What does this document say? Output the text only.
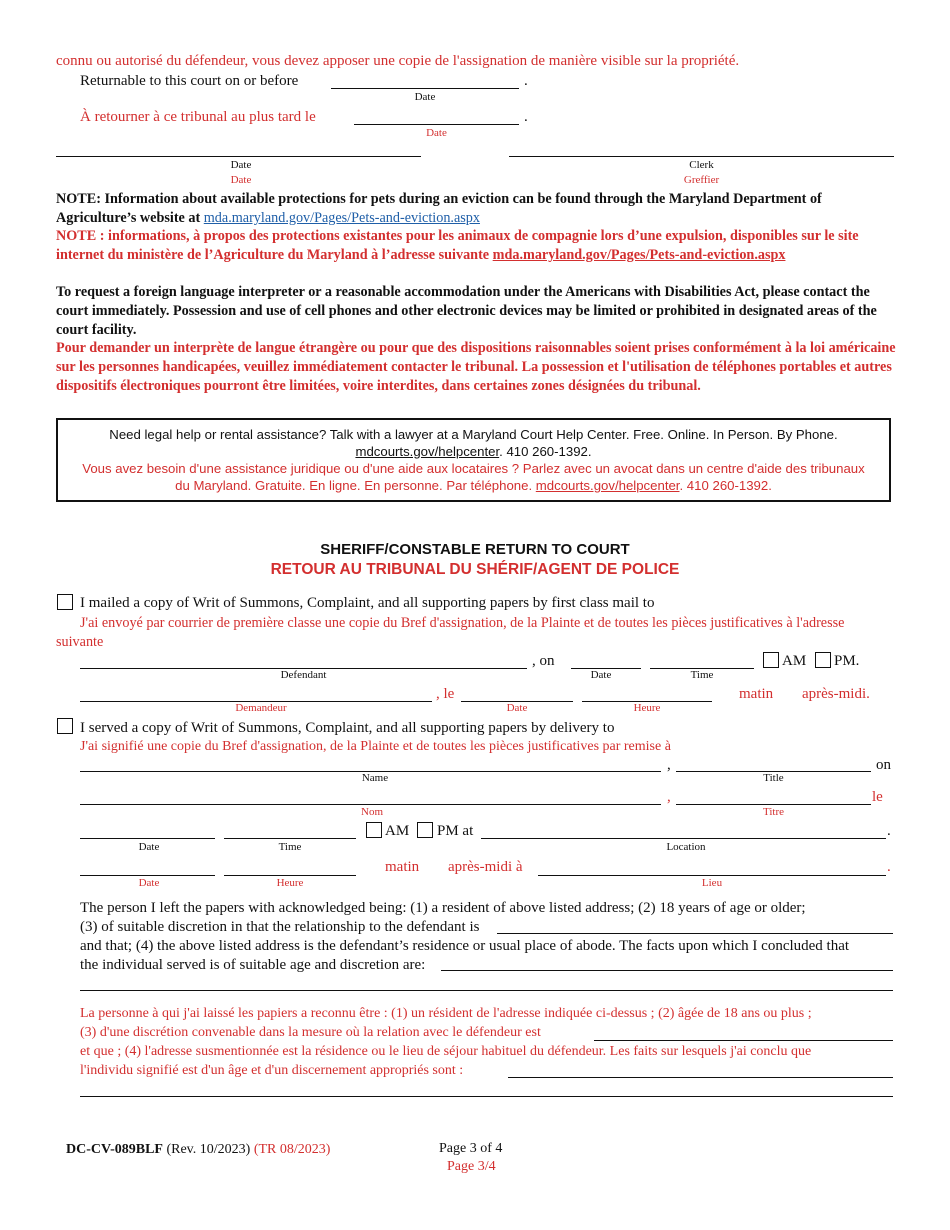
connu ou autorisé du défendeur, vous devez apposer une copie de l'assignation de manière visible sur la propriété.
Returnable to this court on or before	.
Date
À retourner à ce tribunal au plus tard le	.
Date
Date
Date
Clerk
Greffier
NOTE: Information about available protections for pets during an eviction can be found through the Maryland Department of Agriculture’s website at mda.maryland.gov/Pages/Pets-and-eviction.aspx
NOTE : informations, à propos des protections existantes pour les animaux de compagnie lors d’une expulsion, disponibles sur le site internet du ministère de l’Agriculture du Maryland à l’adresse suivante mda.maryland.gov/Pages/Pets-and-eviction.aspx
To request a foreign language interpreter or a reasonable accommodation under the Americans with Disabilities Act, please contact the court immediately. Possession and use of cell phones and other electronic devices may be limited or prohibited in designated areas of the court facility.
Pour demander un interprète de langue étrangère ou pour que des dispositions raisonnables soient prises conformément à la loi américaine sur les personnes handicapées, veuillez immédiatement contacter le tribunal. La possession et l'utilisation de téléphones portables et autres dispositifs électroniques pourront être limitées, voire interdites, dans certaines zones désignées du tribunal.
Need legal help or rental assistance? Talk with a lawyer at a Maryland Court Help Center. Free. Online. In Person. By Phone.
mdcourts.gov/helpcenter. 410 260-1392.
Vous avez besoin d'une assistance juridique ou d'une aide aux locataires ? Parlez avec un avocat dans un centre d'aide des tribunaux
du Maryland. Gratuite. En ligne. En personne. Par téléphone. mdcourts.gov/helpcenter. 410 260-1392.
SHERIFF/CONSTABLE RETURN TO COURT
RETOUR AU TRIBUNAL DU SHÉRIF/AGENT DE POLICE
I mailed a copy of Writ of Summons, Complaint, and all supporting papers by first class mail to
J'ai envoyé par courrier de première classe une copie du Bref d'assignation, de la Plainte et de toutes les pièces justificatives à l'adresse suivante
, on	AM PM.
Defendant	Date	Time
, le	matin après-midi.
Demandeur	Date	Heure
I served a copy of Writ of Summons, Complaint, and all supporting papers by delivery to
J'ai signifié une copie du Bref d'assignation, de la Plainte et de toutes les pièces justificatives par remise à
,	on
Name	Title
,	le
Nom	Titre
AM PM at	.
Date	Time	Location
matin après-midi à	.
Date	Heure	Lieu
The person I left the papers with acknowledged being: (1) a resident of above listed address; (2) 18 years of age or older;
(3) of suitable discretion in that the relationship to the defendant is
and that; (4) the above listed address is the defendant’s residence or usual place of abode. The facts upon which I concluded that
the individual served is of suitable age and discretion are:
La personne à qui j'ai laissé les papiers a reconnu être : (1) un résident de l'adresse indiquée ci-dessus ; (2) âgée de 18 ans ou plus ;
(3) d'une discrétion convenable dans la mesure où la relation avec le défendeur est
et que ; (4) l'adresse susmentionnée est la résidence ou le lieu de séjour habituel du défendeur. Les faits sur lesquels j'ai conclu que
l'individu signifié est d'un âge et d'un discernement appropriés sont :
DC-CV-089BLF (Rev. 10/2023) (TR 08/2023)	Page 3 of 4
Page 3/4
